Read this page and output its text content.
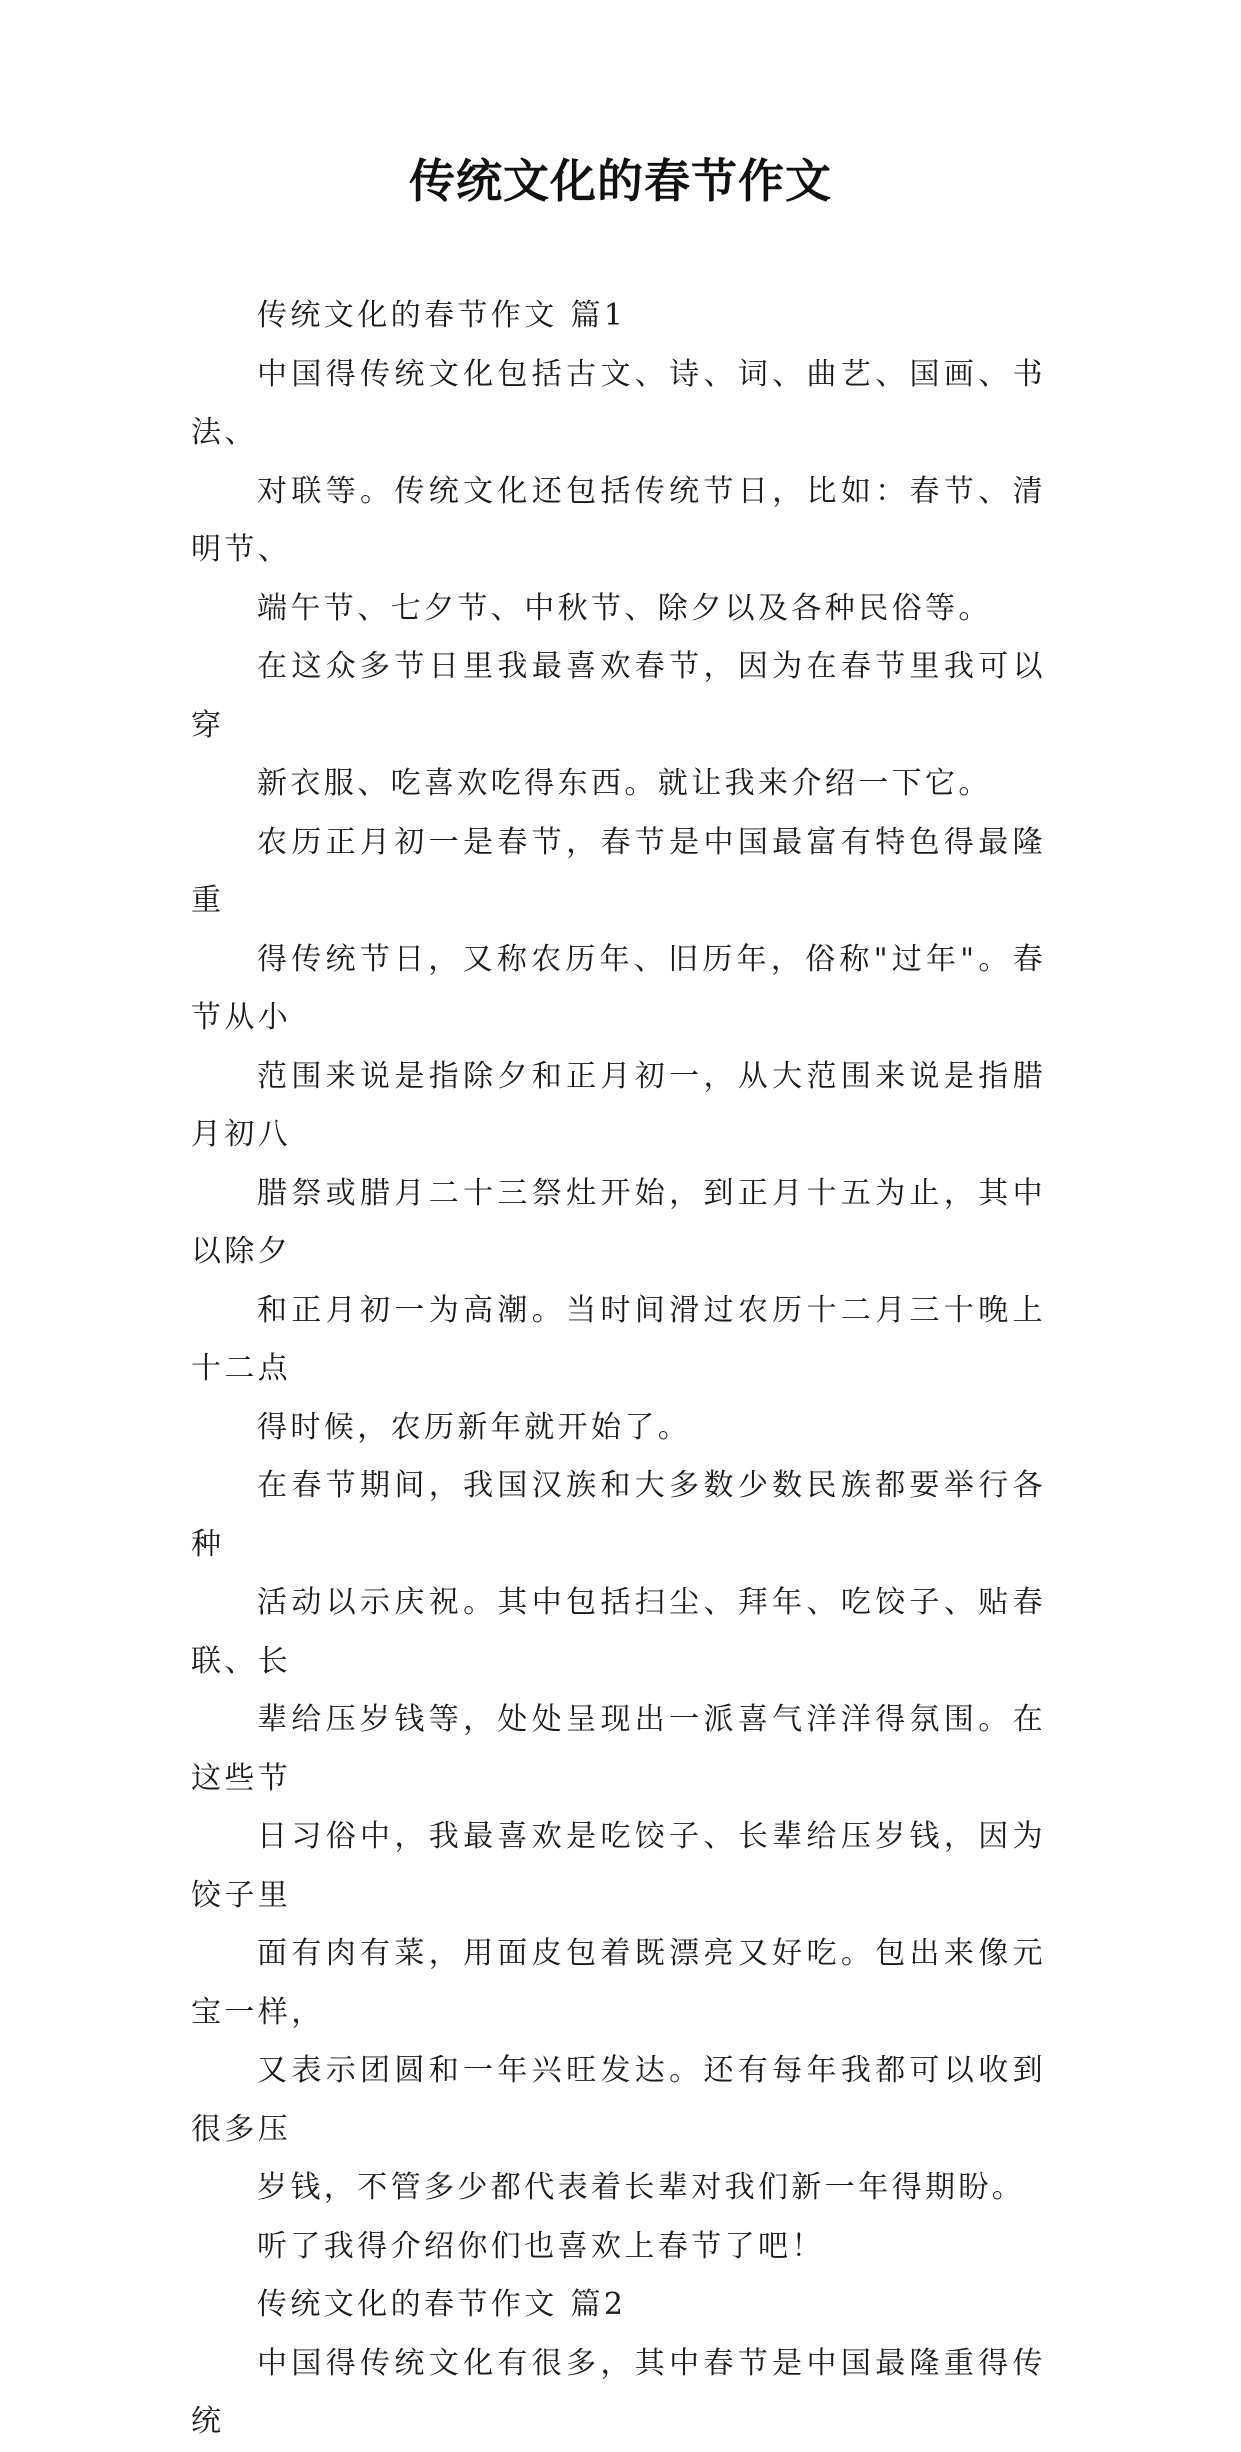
传统文化的春节作文

传统文化的春节作文 篇1

中国得传统文化包括古文、诗、词、曲艺、国画、书法、
对联等。传统文化还包括传统节日，比如：春节、清明节、
端午节、七夕节、中秋节、除夕以及各种民俗等。

在这众多节日里我最喜欢春节，因为在春节里我可以穿
新衣服、吃喜欢吃得东西。就让我来介绍一下它。

农历正月初一是春节，春节是中国最富有特色得最隆重
得传统节日，又称农历年、旧历年，俗称"过年"。春节从小
范围来说是指除夕和正月初一，从大范围来说是指腊月初八
腊祭或腊月二十三祭灶开始，到正月十五为止，其中以除夕
和正月初一为高潮。当时间滑过农历十二月三十晚上十二点
得时候，农历新年就开始了。

在春节期间，我国汉族和大多数少数民族都要举行各种
活动以示庆祝。其中包括扫尘、拜年、吃饺子、贴春联、长
辈给压岁钱等，处处呈现出一派喜气洋洋得氛围。在这些节
日习俗中，我最喜欢是吃饺子、长辈给压岁钱，因为饺子里
面有肉有菜，用面皮包着既漂亮又好吃。包出来像元宝一样，
又表示团圆和一年兴旺发达。还有每年我都可以收到很多压
岁钱，不管多少都代表着长辈对我们新一年得期盼。

听了我得介绍你们也喜欢上春节了吧！

传统文化的春节作文 篇2

中国得传统文化有很多，其中春节是中国最隆重得传统
